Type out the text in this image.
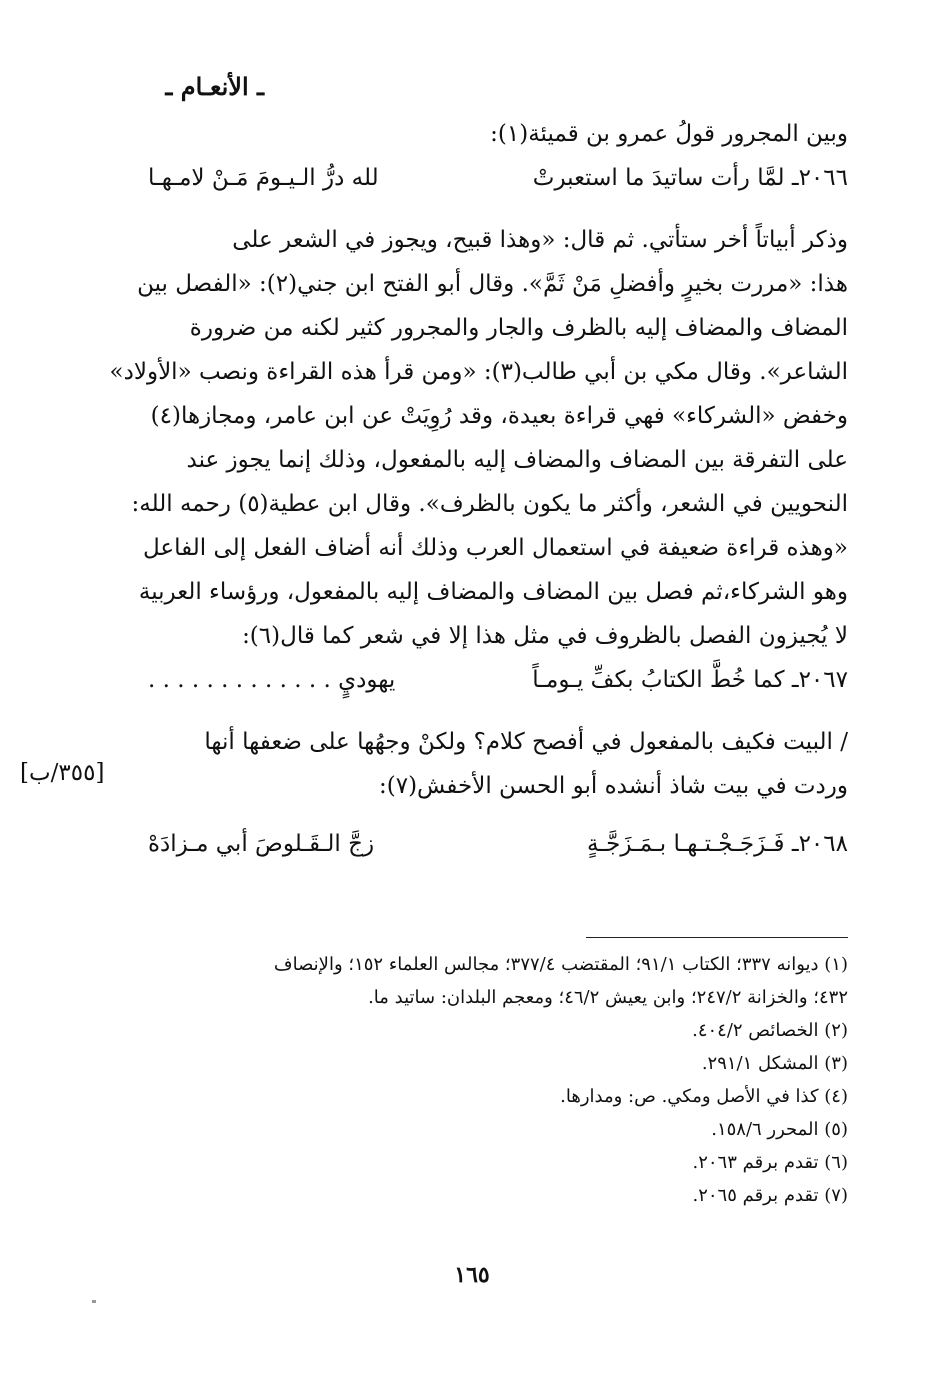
ـ الأنعـام ـ
وبين المجرور قولُ عمرو بن قميئة(١):
٢٠٦٦ـ لمَّا رأت ساتيدَ ما استعبرتْ
لله درُّ الـيـومَ مَـنْ لامـهـا
وذكر أبياتاً أخر ستأتي. ثم قال: «وهذا قبيح، ويجوز في الشعر على
هذا: «مررت بخيرٍ وأفضلِ مَنْ ثَمَّ». وقال أبو الفتح ابن جني(٢): «الفصل بين
المضاف والمضاف إليه بالظرف والجار والمجرور كثير لكنه من ضرورة
الشاعر». وقال مكي بن أبي طالب(٣): «ومن قرأ هذه القراءة ونصب «الأولاد»
وخفض «الشركاء» فهي قراءة بعيدة، وقد رُوِيَتْ عن ابن عامر، ومجازها(٤)
على التفرقة بين المضاف والمضاف إليه بالمفعول، وذلك إنما يجوز عند
النحويين في الشعر، وأكثر ما يكون بالظرف». وقال ابن عطية(٥) رحمه الله:
«وهذه قراءة ضعيفة في استعمال العرب وذلك أنه أضاف الفعل إلى الفاعل
وهو الشركاء،ثم فصل بين المضاف والمضاف إليه بالمفعول، ورؤساء العربية
لا يُجيزون الفصل بالظروف في مثل هذا إلا في شعر كما قال(٦):
٢٠٦٧ـ كما خُطَّ الكتابُ بكفِّ يـومـاً
يهوديٍ . . . . . . . . . . . . .
/ البيت فكيف بالمفعول في أفصح كلام؟ ولكنْ وجهُها على ضعفها أنها
وردت في بيت شاذ أنشده أبو الحسن الأخفش(٧):
٢٠٦٨ـ فَـزَجَـجْـتـهـا بـمَـزَجَّـةٍ
زجَّ الـقَـلوصَ أبي مـزادَهْ
[٣٥٥/ب]
(١) ديوانه ٣٣٧؛ الكتاب ٩١/١؛ المقتضب ٣٧٧/٤؛ مجالس العلماء ١٥٢؛ والإنصاف
٤٣٢؛ والخزانة ٢٤٧/٢؛ وابن يعيش ٤٦/٢؛ ومعجم البلدان: ساتيد ما.
(٢) الخصائص ٤٠٤/٢.
(٣) المشكل ٢٩١/١.
(٤) كذا في الأصل ومكي. ص: ومدارها.
(٥) المحرر ١٥٨/٦.
(٦) تقدم برقم ٢٠٦٣.
(٧) تقدم برقم ٢٠٦٥.
١٦٥
